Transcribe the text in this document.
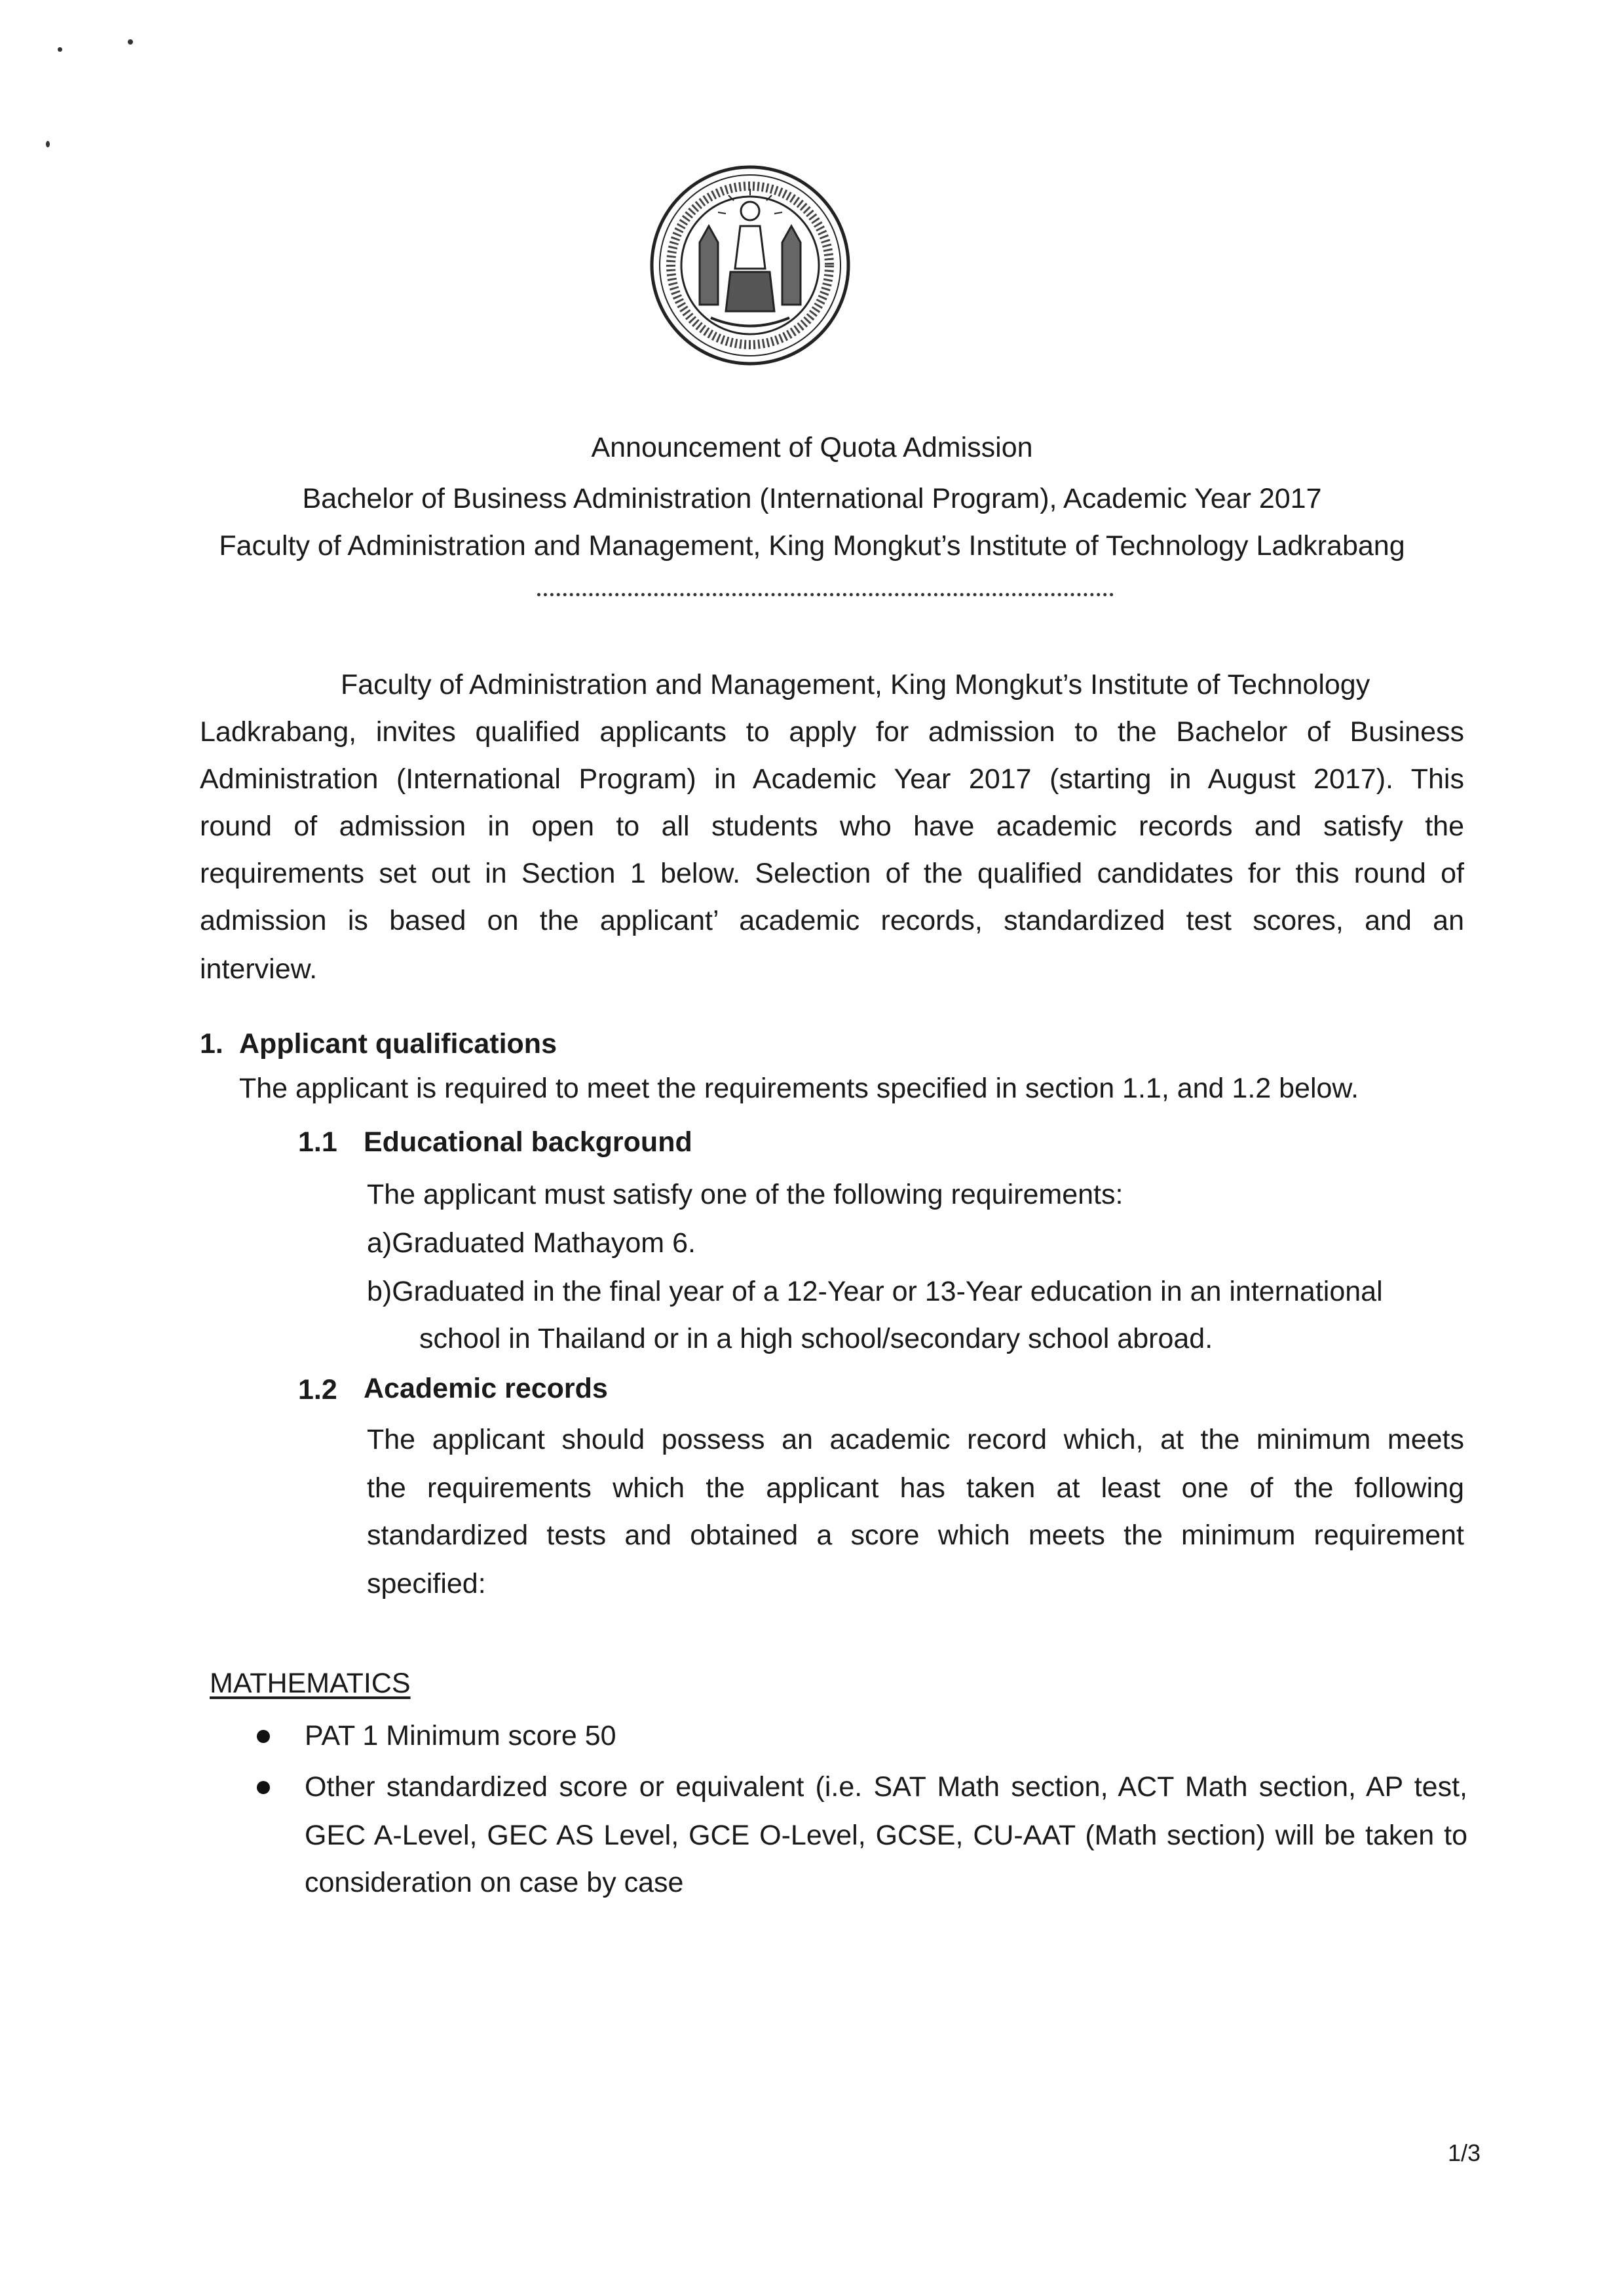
Announcement of Quota Admission
Bachelor of Business Administration (International Program), Academic Year 2017
Faculty of Administration and Management, King Mongkut’s Institute of Technology Ladkrabang
Faculty of Administration and Management, King Mongkut’s Institute of Technology
Ladkrabang, invites qualified applicants to apply for admission to the Bachelor of Business
Administration (International Program) in Academic Year 2017 (starting in August 2017). This
round of admission in open to all students who have academic records and satisfy the
requirements set out in Section 1 below. Selection of the qualified candidates for this round of
admission is based on the applicant’ academic records, standardized test scores, and an
interview.
1. Applicant qualifications
The applicant is required to meet the requirements specified in section 1.1, and 1.2 below.
1.1 Educational background
The applicant must satisfy one of the following requirements:
a)Graduated Mathayom 6.
b)Graduated in the final year of a 12-Year or 13-Year education in an international
school in Thailand or in a high school/secondary school abroad.
1.2 Academic records
The applicant should possess an academic record which, at the minimum meets
the requirements which the applicant has taken at least one of the following
standardized tests and obtained a score which meets the minimum requirement
specified:
MATHEMATICS
PAT 1 Minimum score 50
Other standardized score or equivalent (i.e. SAT Math section, ACT Math section, AP test,
GEC A-Level, GEC AS Level, GCE O-Level, GCSE, CU-AAT (Math section) will be taken to
consideration on case by case
1/3
